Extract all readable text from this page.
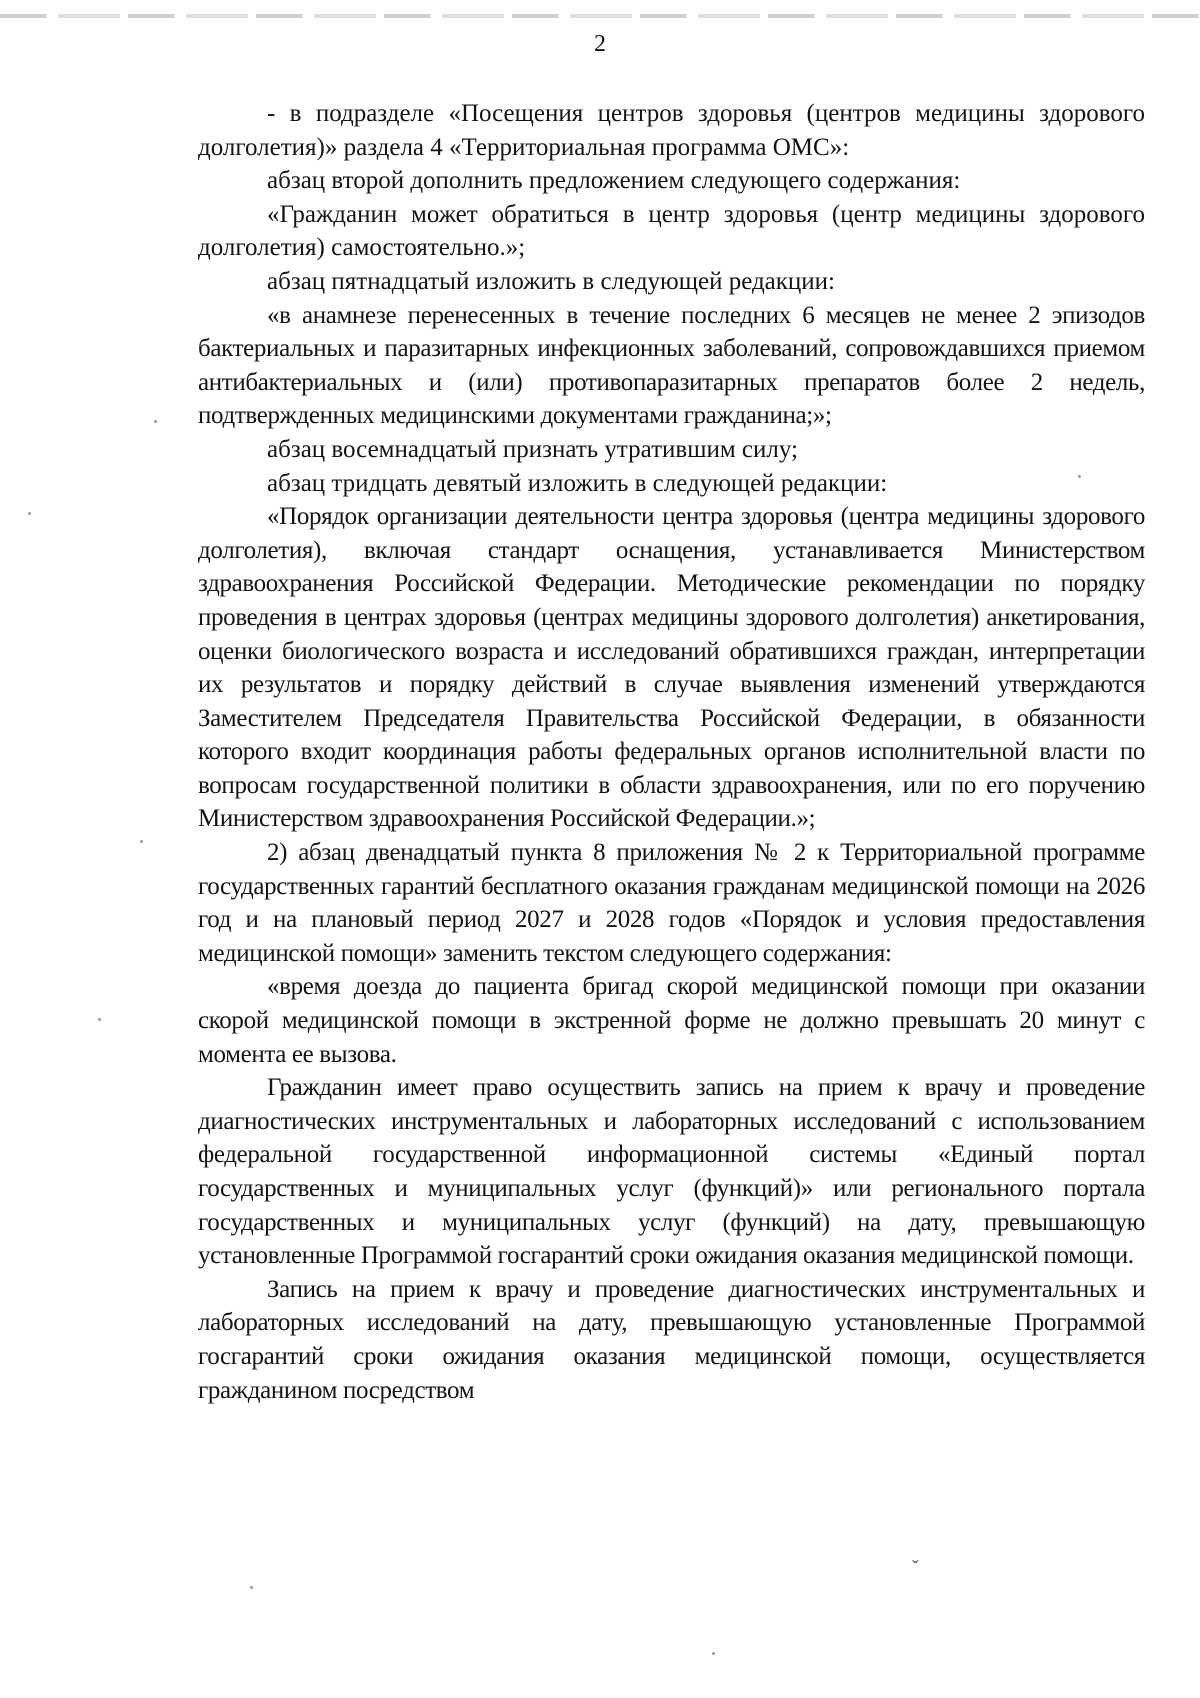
2

- в подразделе «Посещения центров здоровья (центров медицины здорового долголетия)» раздела 4 «Территориальная программа ОМС»:

абзац второй дополнить предложением следующего содержания:

«Гражданин может обратиться в центр здоровья (центр медицины здорового долголетия) самостоятельно.»;

абзац пятнадцатый изложить в следующей редакции:

«в анамнезе перенесенных в течение последних 6 месяцев не менее 2 эпизодов бактериальных и паразитарных инфекционных заболеваний, сопровождавшихся приемом антибактериальных и (или) противопаразитарных препаратов более 2 недель, подтвержденных медицинскими документами гражданина;»;

абзац восемнадцатый признать утратившим силу;

абзац тридцать девятый изложить в следующей редакции:

«Порядок организации деятельности центра здоровья (центра медицины здорового долголетия), включая стандарт оснащения, устанавливается Министерством здравоохранения Российской Федерации. Методические рекомендации по порядку проведения в центрах здоровья (центрах медицины здорового долголетия) анкетирования, оценки биологического возраста и исследований обратившихся граждан, интерпретации их результатов и порядку действий в случае выявления изменений утверждаются Заместителем Председателя Правительства Российской Федерации, в обязанности которого входит координация работы федеральных органов исполнительной власти по вопросам государственной политики в области здравоохранения, или по его поручению Министерством здравоохранения Российской Федерации.»;

2) абзац двенадцатый пункта 8 приложения № 2 к Территориальной программе государственных гарантий бесплатного оказания гражданам медицинской помощи на 2026 год и на плановый период 2027 и 2028 годов «Порядок и условия предоставления медицинской помощи» заменить текстом следующего содержания:

«время доезда до пациента бригад скорой медицинской помощи при оказании скорой медицинской помощи в экстренной форме не должно превышать 20 минут с момента ее вызова.

Гражданин имеет право осуществить запись на прием к врачу и проведение диагностических инструментальных и лабораторных исследований с использованием федеральной государственной информационной системы «Единый портал государственных и муниципальных услуг (функций)» или регионального портала государственных и муниципальных услуг (функций) на дату, превышающую установленные Программой госгарантий сроки ожидания оказания медицинской помощи.

Запись на прием к врачу и проведение диагностических инструментальных и лабораторных исследований на дату, превышающую установленные Программой госгарантий сроки ожидания оказания медицинской помощи, осуществляется гражданином посредством

ˇ
